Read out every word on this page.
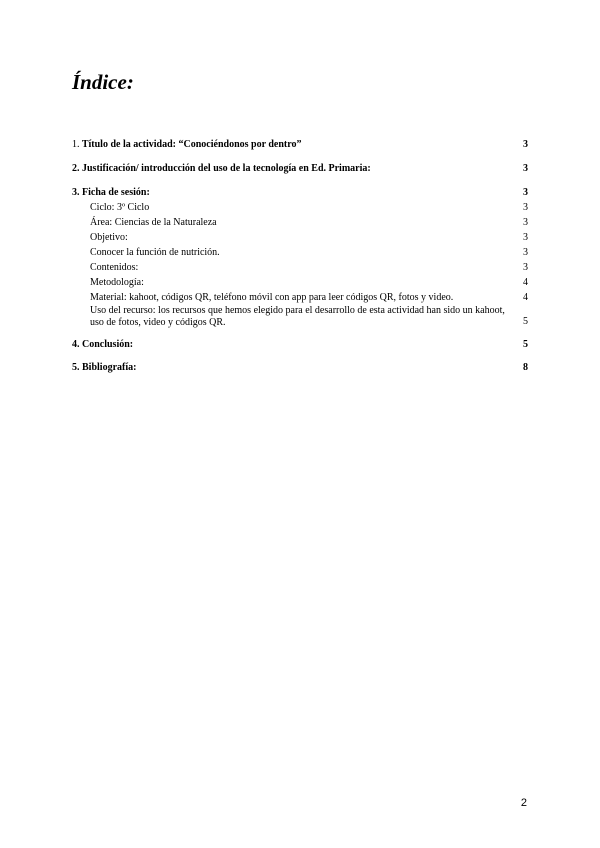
Índice:
1. Título de la actividad: “Conociéndonos por dentro”	3
2. Justificación/ introducción del uso de la tecnología en Ed. Primaria:	3
3. Ficha de sesión:	3
Ciclo: 3º Ciclo	3
Área: Ciencias de la Naturaleza	3
Objetivo:	3
Conocer la función de nutrición.	3
Contenidos:	3
Metodología:	4
Material: kahoot, códigos QR, teléfono móvil con app para leer códigos QR, fotos y video.	4
Uso del recurso: los recursos que hemos elegido para el desarrollo de esta actividad han sido un kahoot, uso de fotos, video y códigos QR.	5
4. Conclusión:	5
5. Bibliografía:	8
2
